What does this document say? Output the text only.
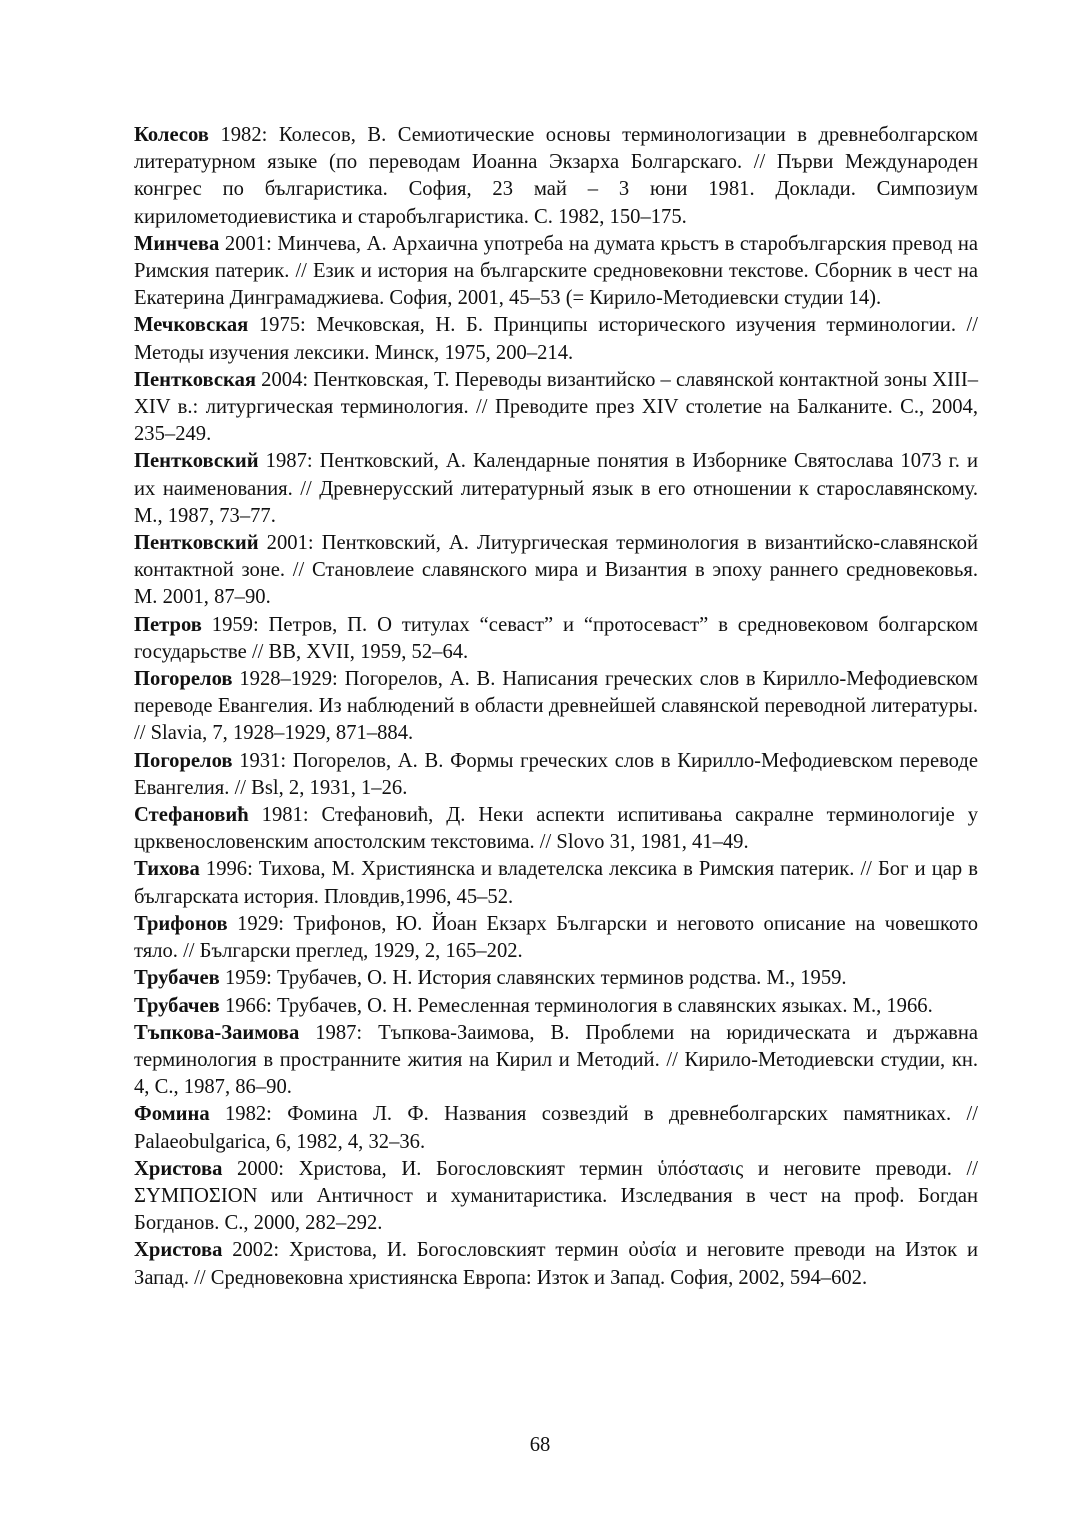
Колесов 1982: Колесов, В. Семиотические основы терминологизации в древнеболгарском литературном языке (по переводам Иоанна Экзарха Болгарскаго. // Първи Международен конгрес по българистика. София, 23 май – 3 юни 1981. Доклади. Симпозиум кирилометодиевистика и старобългаристика. С. 1982, 150–175.

Минчева 2001: Минчева, А. Архаична употреба на думата крьстъ в старобългарския превод на Римския патерик. // Език и история на българските средновековни текстове. Сборник в чест на Екатерина Динграмаджиева. София, 2001, 45–53 (= Кирило-Методиевски студии 14).

Мечковская 1975: Мечковская, Н. Б. Принципы исторического изучения терминологии. // Методы изучения лексики. Минск, 1975, 200–214.

Пентковская 2004: Пентковская, Т. Переводы византийско – славянской контактной зоны XIII–XIV в.: литургическая терминология. // Преводите през XIV столетие на Балканите. С., 2004, 235–249.

Пентковский 1987: Пентковский, А. Календарные понятия в Изборнике Святослава 1073 г. и их наименования. // Древнерусский литературный язык в его отношении к старославянскому. М., 1987, 73–77.

Пентковский 2001: Пентковский, А. Литургическая терминология в византийско-славянской контактной зоне. // Становлеие славянского мира и Византия в эпоху раннего средновековья. М. 2001, 87–90.

Петров 1959: Петров, П. О титулах “севаст” и “протосеваст” в средновековом болгарском государьстве // ВВ, XVII, 1959, 52–64.

Погорелов 1928–1929: Погорелов, А. В. Написания греческих слов в Кирилло-Мефодиевском переводе Евангелия. Из наблюдений в области древнейшей славянской переводной литературы. // Slavia, 7, 1928–1929, 871–884.

Погорелов 1931: Погорелов, А. В. Формы греческих слов в Кирилло-Мефодиевском переводе Евангелия. // Bsl, 2, 1931, 1–26.

Стефановић 1981: Стефановић, Д. Неки аспекти испитивања сакралне терминологије у црквенословенским апостолским текстовима. // Slovo 31, 1981, 41–49.

Тихова 1996: Тихова, М. Християнска и владетелска лексика в Римския патерик. // Бог и цар в българската история. Пловдив,1996, 45–52.

Трифонов 1929: Трифонов, Ю. Йоан Екзарх Български и неговото описание на човешкото тяло. // Български преглед, 1929, 2, 165–202.

Трубачев 1959: Трубачев, О. Н. История славянских терминов родства. М., 1959.

Трубачев 1966: Трубачев, О. Н. Ремесленная терминология в славянских языках. М., 1966.

Тъпкова-Заимова 1987: Тъпкова-Заимова, В. Проблеми на юридическата и държавна терминология в пространните жития на Кирил и Методий. // Кирило-Методиевски студии, кн. 4, С., 1987, 86–90.

Фомина 1982: Фомина Л. Ф. Названия созвездий в древнеболгарских памятниках. // Palaeobulgarica, 6, 1982, 4, 32–36.

Христова 2000: Христова, И. Богословският термин ὑπόστασις и неговите преводи. // ΣΥΜΠΟΣΙΟΝ или Античност и хуманитаристика. Изследвания в чест на проф. Богдан Богданов. С., 2000, 282–292.

Христова 2002: Христова, И. Богословският термин οὐσία и неговите преводи на Изток и Запад. // Средновековна християнска Европа: Изток и Запад. София, 2002, 594–602.

68
